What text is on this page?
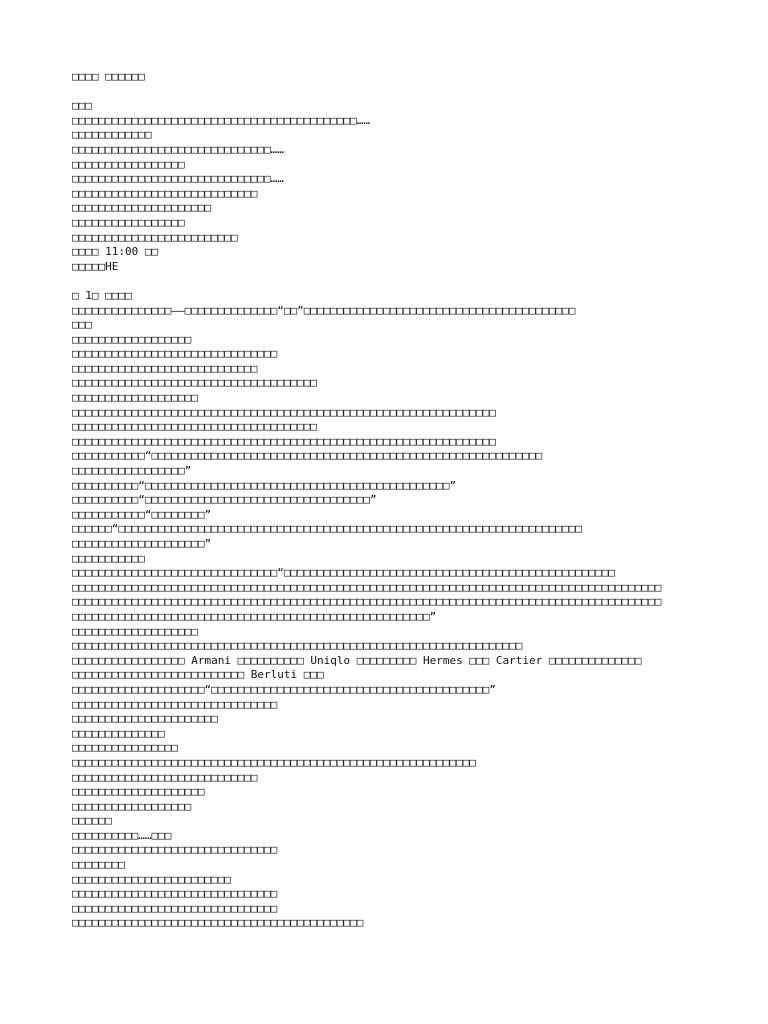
□□□□ □□□□□□
□□□
□□□□□□□□□□□□□□□□□□□□□□□□□□□□□□□□□□□□□□□□□□□……
□□□□□□□□□□□□
□□□□□□□□□□□□□□□□□□□□□□□□□□□□□□……
□□□□□□□□□□□□□□□□□
□□□□□□□□□□□□□□□□□□□□□□□□□□□□□□……
□□□□□□□□□□□□□□□□□□□□□□□□□□□□
□□□□□□□□□□□□□□□□□□□□□
□□□□□□□□□□□□□□□□□
□□□□□□□□□□□□□□□□□□□□□□□□□
□□□□ 11:00 □□
□□□□□HE
□ 1□ □□□□
□□□□□□□□□□□□□□□——□□□□□□□□□□□□□□“□□”□□□□□□□□□□□□□□□□□□□□□□□□□□□□□□□□□□□□□□□□□
□□□
□□□□□□□□□□□□□□□□□□
□□□□□□□□□□□□□□□□□□□□□□□□□□□□□□□
□□□□□□□□□□□□□□□□□□□□□□□□□□□□
□□□□□□□□□□□□□□□□□□□□□□□□□□□□□□□□□□□□□
□□□□□□□□□□□□□□□□□□□
□□□□□□□□□□□□□□□□□□□□□□□□□□□□□□□□□□□□□□□□□□□□□□□□□□□□□□□□□□□□□□□□
□□□□□□□□□□□□□□□□□□□□□□□□□□□□□□□□□□□□□
□□□□□□□□□□□□□□□□□□□□□□□□□□□□□□□□□□□□□□□□□□□□□□□□□□□□□□□□□□□□□□□□
□□□□□□□□□□□“□□□□□□□□□□□□□□□□□□□□□□□□□□□□□□□□□□□□□□□□□□□□□□□□□□□□□□□□□□□
□□□□□□□□□□□□□□□□□”
□□□□□□□□□□“□□□□□□□□□□□□□□□□□□□□□□□□□□□□□□□□□□□□□□□□□□□□□□”
□□□□□□□□□□“□□□□□□□□□□□□□□□□□□□□□□□□□□□□□□□□□□”
□□□□□□□□□□□“□□□□□□□□”
□□□□□□“□□□□□□□□□□□□□□□□□□□□□□□□□□□□□□□□□□□□□□□□□□□□□□□□□□□□□□□□□□□□□□□□□□□□□□
□□□□□□□□□□□□□□□□□□□□”
□□□□□□□□□□□
□□□□□□□□□□□□□□□□□□□□□□□□□□□□□□□“□□□□□□□□□□□□□□□□□□□□□□□□□□□□□□□□□□□□□□□□□□□□□□□□□□
□□□□□□□□□□□□□□□□□□□□□□□□□□□□□□□□□□□□□□□□□□□□□□□□□□□□□□□□□□□□□□□□□□□□□□□□□□□□□□□□□□□□□□□□□
□□□□□□□□□□□□□□□□□□□□□□□□□□□□□□□□□□□□□□□□□□□□□□□□□□□□□□□□□□□□□□□□□□□□□□□□□□□□□□□□□□□□□□□□□
□□□□□□□□□□□□□□□□□□□□□□□□□□□□□□□□□□□□□□□□□□□□□□□□□□□□□□”
□□□□□□□□□□□□□□□□□□□
□□□□□□□□□□□□□□□□□□□□□□□□□□□□□□□□□□□□□□□□□□□□□□□□□□□□□□□□□□□□□□□□□□□□
□□□□□□□□□□□□□□□□□ Armani □□□□□□□□□□ Uniqlo □□□□□□□□□ Hermes □□□ Cartier □□□□□□□□□□□□□□
□□□□□□□□□□□□□□□□□□□□□□□□□□ Berluti □□□
□□□□□□□□□□□□□□□□□□□□“□□□□□□□□□□□□□□□□□□□□□□□□□□□□□□□□□□□□□□□□□□”
□□□□□□□□□□□□□□□□□□□□□□□□□□□□□□□
□□□□□□□□□□□□□□□□□□□□□□
□□□□□□□□□□□□□□
□□□□□□□□□□□□□□□□
□□□□□□□□□□□□□□□□□□□□□□□□□□□□□□□□□□□□□□□□□□□□□□□□□□□□□□□□□□□□□
□□□□□□□□□□□□□□□□□□□□□□□□□□□□
□□□□□□□□□□□□□□□□□□□□
□□□□□□□□□□□□□□□□□□
□□□□□□
□□□□□□□□□□……□□□
□□□□□□□□□□□□□□□□□□□□□□□□□□□□□□□
□□□□□□□□
□□□□□□□□□□□□□□□□□□□□□□□□
□□□□□□□□□□□□□□□□□□□□□□□□□□□□□□□
□□□□□□□□□□□□□□□□□□□□□□□□□□□□□□□
□□□□□□□□□□□□□□□□□□□□□□□□□□□□□□□□□□□□□□□□□□□□
